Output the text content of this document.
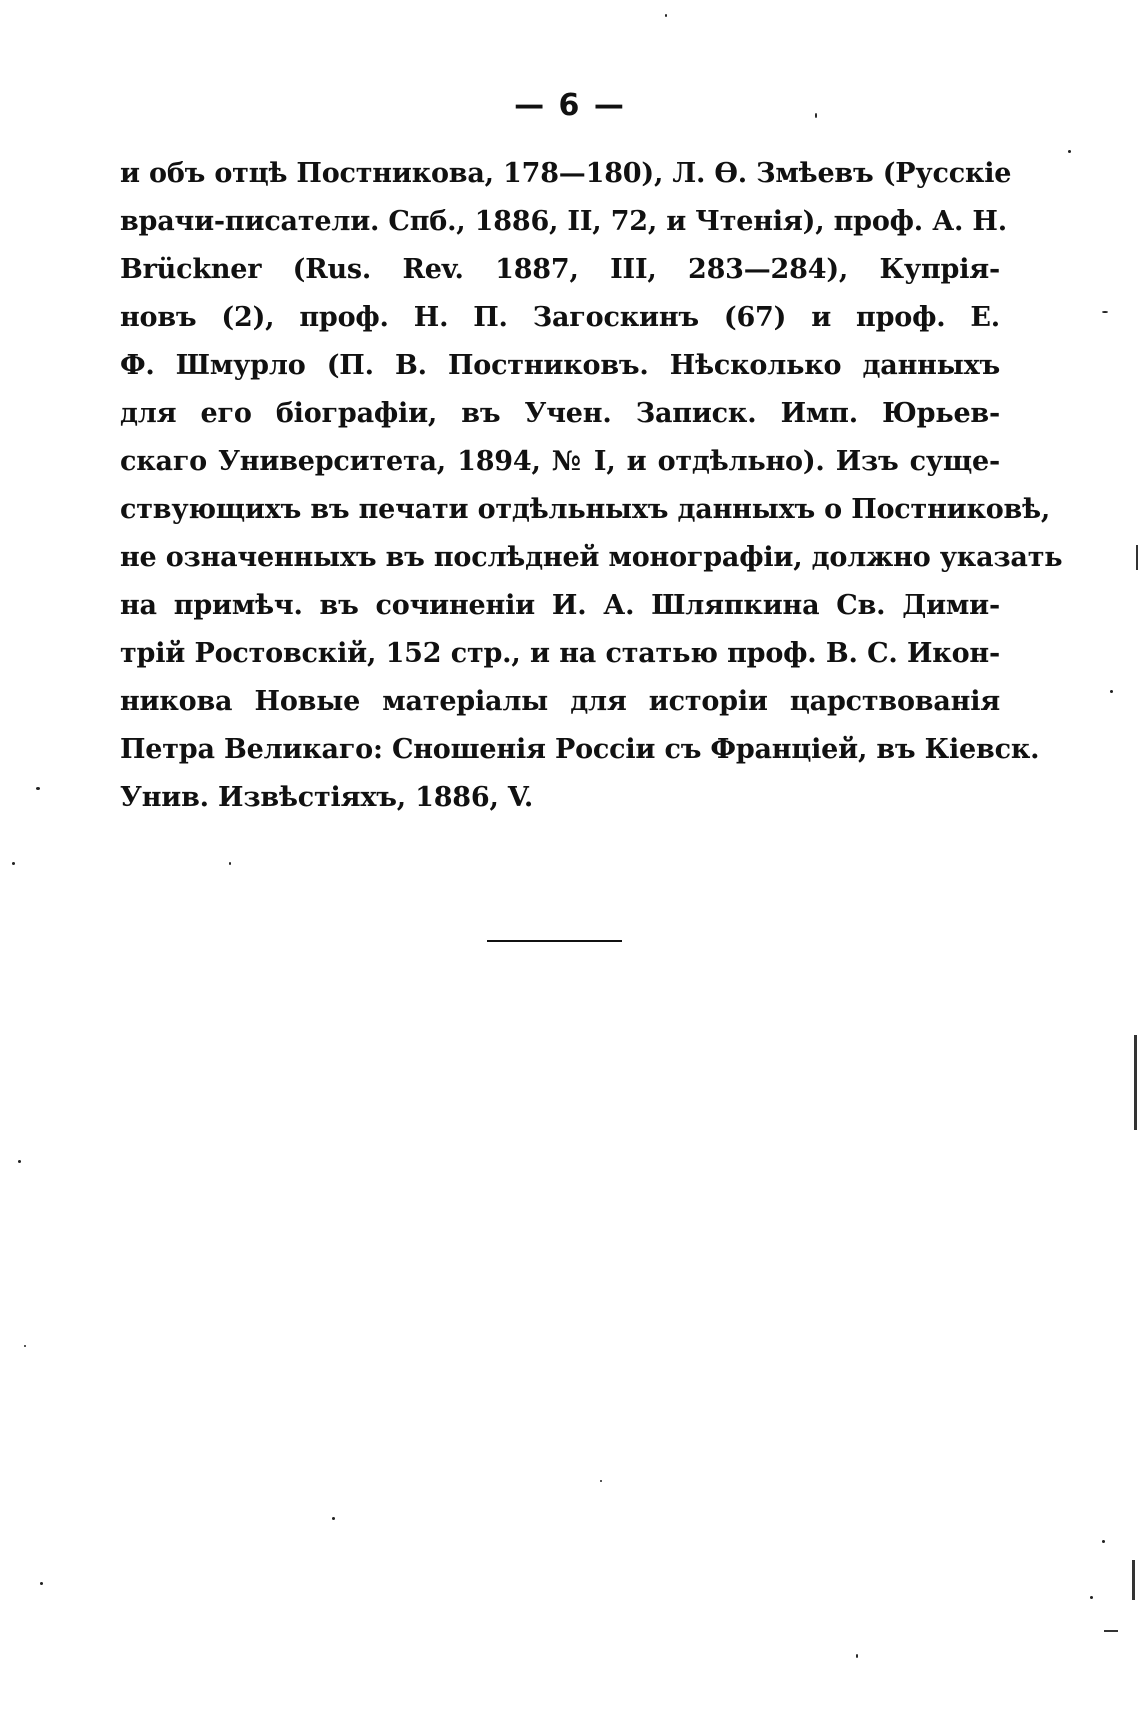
— 6 —
и объ отцѣ Постникова, 178—180), Л. Ѳ. Змѣевъ (Русскіе
врачи-писатели. Спб., 1886, II, 72, и Чтенія), проф. А. Н.
Brückner (Rus. Rev. 1887, III, 283—284), Купрія-
новъ (2), проф. Н. П. Загоскинъ (67) и проф. Е.
Ф. Шмурло (П. В. Постниковъ. Нѣсколько данныхъ
для его біографіи, въ Учен. Записк. Имп. Юрьев-
скаго Университета, 1894, № I, и отдѣльно). Изъ суще-
ствующихъ въ печати отдѣльныхъ данныхъ о Постниковѣ,
не означенныхъ въ послѣдней монографіи, должно указать
на примѣч. въ сочиненіи И. А. Шляпкина Св. Дими-
трій Ростовскій, 152 стр., и на статью проф. В. С. Икон-
никова Новые матеріалы для исторіи царствованія
Петра Великаго: Сношенія Россіи съ Франціей, въ Кіевск.
Унив. Извѣстіяхъ, 1886, V.
